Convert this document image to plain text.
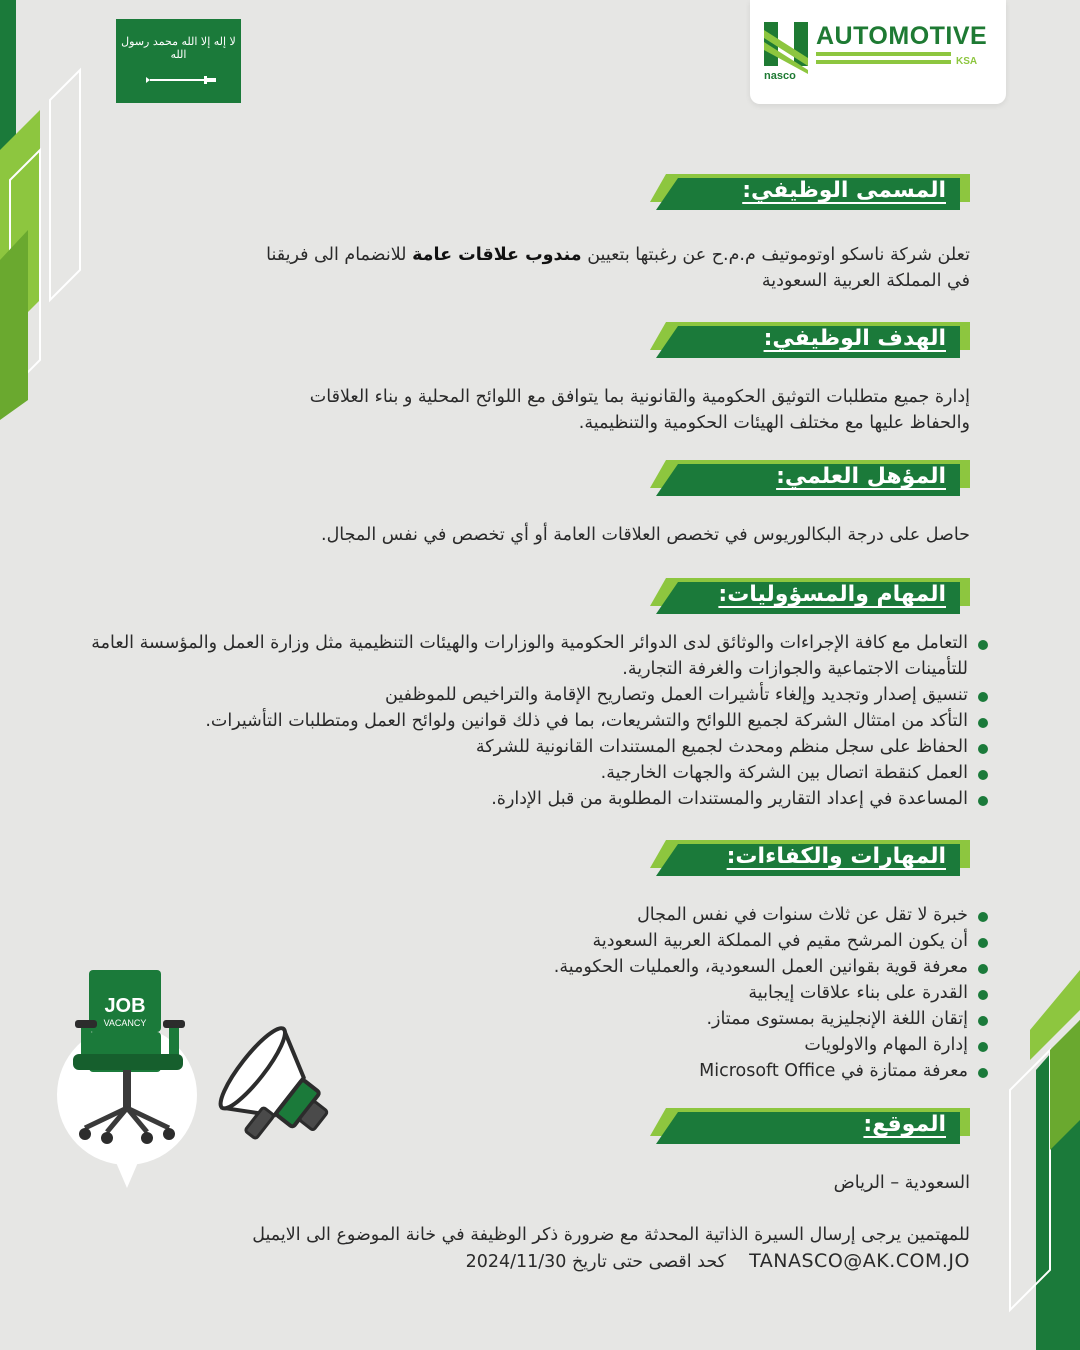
AUTOMOTIVE
nasco
KSA
لا إله إلا الله محمد رسول الله
المسمى الوظيفي:
تعلن شركة ناسكو اوتوموتيف م.م.ح عن رغبتها بتعيين مندوب علاقات عامة للانضمام الى فريقنا
في المملكة العربية السعودية
الهدف الوظيفي:
إدارة جميع متطلبات التوثيق الحكومية والقانونية بما يتوافق مع اللوائح المحلية و بناء العلاقات
والحفاظ عليها مع مختلف الهيئات الحكومية والتنظيمية.
المؤهل العلمي:
حاصل على درجة البكالوريوس في تخصص العلاقات العامة أو أي تخصص في نفس المجال.
المهام والمسؤوليات:
التعامل مع كافة الإجراءات والوثائق لدى الدوائر الحكومية والوزارات والهيئات التنظيمية مثل وزارة العمل والمؤسسة العامة للتأمينات الاجتماعية والجوازات والغرفة التجارية.
تنسيق إصدار وتجديد وإلغاء تأشيرات العمل وتصاريح الإقامة والتراخيص للموظفين
التأكد من امتثال الشركة لجميع اللوائح والتشريعات، بما في ذلك قوانين ولوائح العمل ومتطلبات التأشيرات.
الحفاظ على سجل منظم ومحدث لجميع المستندات القانونية للشركة
العمل كنقطة اتصال بين الشركة والجهات الخارجية.
المساعدة في إعداد التقارير والمستندات المطلوبة من قبل الإدارة.
المهارات والكفاءات:
خبرة لا تقل عن ثلاث سنوات في نفس المجال
أن يكون المرشح مقيم في المملكة العربية السعودية
معرفة قوية بقوانين العمل السعودية، والعمليات الحكومية.
القدرة على بناء علاقات إيجابية
إتقان اللغة الإنجليزية بمستوى ممتاز.
إدارة المهام والاولويات
معرفة ممتازة في Microsoft Office
الموقع:
السعودية – الرياض
للمهتمين يرجى إرسال السيرة الذاتية المحدثة مع ضرورة ذكر الوظيفة في خانة الموضوع الى الايميل
TANASCO@AK.COM.JO  كحد اقصى حتى تاريخ 2024/11/30
JOB
VACANCY
